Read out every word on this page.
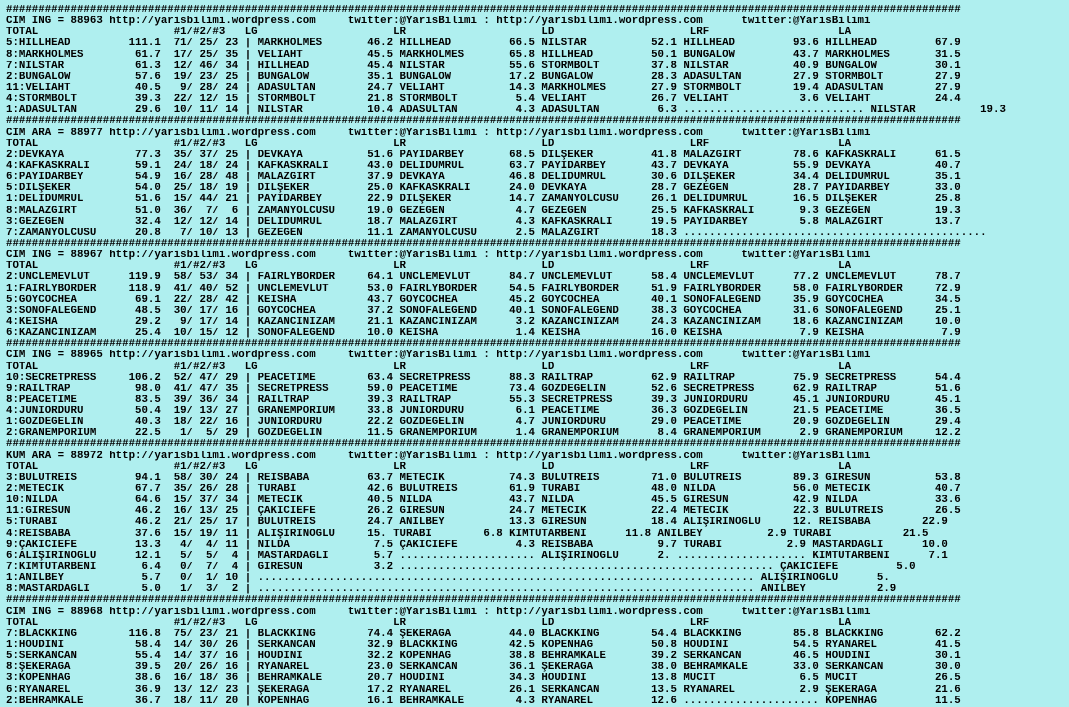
####################################################################################################################################################
CIM ING = 88963 http://yarisbilimi.wordpress.com     twitter:@YarisBilimi : http://yarisbilimi.wordpress.com      twitter:@YarisBilimi
TOTAL                     #1/#2/#3   LG                     LR                     LD                     LRF                    LA
5:HILLHEAD         111.1  71/ 25/ 23 | MARKHOLMES       46.2 HILLHEAD         66.5 NILSTAR          52.1 HILLHEAD         93.6 HILLHEAD         67.9
8:MARKHOLMES        61.7  17/ 25/ 35 | VELİAHT          45.5 MARKHOLMES       65.8 HILLHEAD         50.1 BUNGALOW         43.7 MARKHOLMES       31.5
7:NILSTAR           61.3  12/ 46/ 34 | HILLHEAD         45.4 NILSTAR          55.6 STORMBOLT        37.8 NILSTAR          40.9 BUNGALOW         30.1
2:BUNGALOW          57.6  19/ 23/ 25 | BUNGALOW         35.1 BUNGALOW         17.2 BUNGALOW         28.3 ADASULTAN        27.9 STORMBOLT        27.9
11:VELİAHT          40.5   9/ 28/ 24 | ADASULTAN        24.7 VELİAHT          14.3 MARKHOLMES       27.9 STORMBOLT        19.4 ADASULTAN        27.9
4:STORMBOLT         39.3  22/ 12/ 15 | STORMBOLT        21.8 STORMBOLT         5.4 VELİAHT          26.7 VELİAHT           3.6 VELİAHT          24.4
1:ADASULTAN         29.6  10/ 11/ 14 | NILSTAR          10.4 ADASULTAN         4.3 ADASULTAN         6.3 ............................ NILSTAR          19.3
####################################################################################################################################################
CIM ARA = 88977 http://yarisbilimi.wordpress.com     twitter:@YarisBilimi : http://yarisbilimi.wordpress.com      twitter:@YarisBilimi
TOTAL                     #1/#2/#3   LG                     LR                     LD                     LRF                    LA
2:DEVKAYA           77.3  35/ 37/ 25 | DEVKAYA          51.6 PAYİDARBEY       68.5 DİLŞEKER         41.8 MALAZGİRT        78.6 KAFKASKRALI      61.5
4:KAFKASKRALI       59.1  24/ 18/ 24 | KAFKASKRALI      43.0 DELİDUMRUL       63.7 PAYİDARBEY       43.7 DEVKAYA          55.9 DEVKAYA          40.7
6:PAYİDARBEY        54.9  16/ 28/ 48 | MALAZGİRT        37.9 DEVKAYA          46.8 DELİDUMRUL       30.6 DİLŞEKER         34.4 DELİDUMRUL       35.1
5:DİLŞEKER          54.0  25/ 18/ 19 | DİLŞEKER         25.0 KAFKASKRALI      24.0 DEVKAYA          28.7 GEZEGEN          28.7 PAYİDARBEY       33.0
1:DELİDUMRUL        51.6  15/ 44/ 21 | PAYİDARBEY       22.9 DİLŞEKER         14.7 ZAMANYOLCUSU     26.1 DELİDUMRUL       16.5 DİLŞEKER         25.8
8:MALAZGİRT         51.0  36/  7/  6 | ZAMANYOLCUSU     19.0 GEZEGEN           4.7 GEZEGEN          25.5 KAFKASKRALI       9.3 GEZEGEN          19.3
3:GEZEGEN           32.4  12/ 12/ 14 | DELİDUMRUL       18.7 MALAZGİRT         4.3 KAFKASKRALI      19.5 PAYİDARBEY        5.8 MALAZGİRT        13.7
7:ZAMANYOLCUSU      20.8   7/ 10/ 13 | GEZEGEN          11.1 ZAMANYOLCUSU      2.5 MALAZGİRT        18.3 ...............................................
####################################################################################################################################################
CIM ING = 88967 http://yarisbilimi.wordpress.com     twitter:@YarisBilimi : http://yarisbilimi.wordpress.com      twitter:@YarisBilimi
TOTAL                     #1/#2/#3   LG                     LR                     LD                     LRF                    LA
2:UNCLEMEVLÜT      119.9  58/ 53/ 34 | FAIRLYBORDER     64.1 UNCLEMEVLÜT      84.7 UNCLEMEVLÜT      58.4 UNCLEMEVLÜT      77.2 UNCLEMEVLÜT      78.7
1:FAIRLYBORDER     118.9  41/ 40/ 52 | UNCLEMEVLÜT      53.0 FAIRLYBORDER     54.5 FAIRLYBORDER     51.9 FAIRLYBORDER     58.0 FAIRLYBORDER     72.9
5:GOYCOCHEA         69.1  22/ 28/ 42 | KEISHA           43.7 GOYCOCHEA        45.2 GOYCOCHEA        40.1 SONOFALEGEND     35.9 GOYCOCHEA        34.5
3:SONOFALEGEND      48.5  30/ 17/ 16 | GOYCOCHEA        37.2 SONOFALEGEND     40.1 SONOFALEGEND     38.3 GOYCOCHEA        31.6 SONOFALEGEND     25.1
4:KEISHA            29.2   9/ 17/ 14 | KAZANCINIZAM     21.1 KAZANCINIZAM      3.2 KAZANCINIZAM     24.3 KAZANCINIZAM     18.6 KAZANCINIZAM     10.0
6:KAZANCINIZAM      25.4  10/ 15/ 12 | SONOFALEGEND     10.0 KEISHA            1.4 KEISHA           16.0 KEISHA            7.9 KEISHA            7.9
####################################################################################################################################################
CIM ING = 88965 http://yarisbilimi.wordpress.com     twitter:@YarisBilimi : http://yarisbilimi.wordpress.com      twitter:@YarisBilimi
TOTAL                     #1/#2/#3   LG                     LR                     LD                     LRF                    LA
10:SECRETPRESS     106.2  52/ 47/ 29 | PEACETIME        63.4 SECRETPRESS      88.3 RAILTRAP         62.9 RAILTRAP         75.9 SECRETPRESS      54.4
9:RAILTRAP          98.0  41/ 47/ 35 | SECRETPRESS      59.0 PEACETIME        73.4 GÖZDEGELİN       52.6 SECRETPRESS      62.9 RAILTRAP         51.6
8:PEACETIME         83.5  39/ 36/ 34 | RAILTRAP         39.3 RAILTRAP         55.3 SECRETPRESS      39.3 JUNIORDURU       45.1 JUNIORDURU       45.1
4:JUNIORDURU        50.4  19/ 13/ 27 | GRANEMPORIUM     33.8 JUNIORDURU        6.1 PEACETIME        36.3 GÖZDEGELİN       21.5 PEACETIME        36.5
1:GÖZDEGELİN        40.3  18/ 22/ 16 | JUNIORDURU       22.2 GÖZDEGELİN        4.7 JUNIORDURU       29.0 PEACETIME        20.9 GÖZDEGELİN       29.4
2:GRANEMPORIUM      22.5   1/  5/ 29 | GÖZDEGELİN       11.5 GRANEMPORIUM      1.4 GRANEMPORIUM      8.4 GRANEMPORIUM      2.9 GRANEMPORIUM     12.2
####################################################################################################################################################
KUM ARA = 88972 http://yarisbilimi.wordpress.com     twitter:@YarisBilimi : http://yarisbilimi.wordpress.com      twitter:@YarisBilimi
TOTAL                     #1/#2/#3   LG                     LR                     LD                     LRF                    LA
3:BULUTREİS         94.1  58/ 30/ 24 | REİSBABA         63.7 METECİK          74.3 BULUTREİS        71.0 BULUTREİS        89.3 GİRESUN          53.8
2:METECİK           67.7  35/ 26/ 28 | TURABİ           42.6 BULUTREİS        61.9 TURABİ           48.0 NİLDA            56.0 METECİK          40.7
10:NİLDA            64.6  15/ 37/ 34 | METECİK          40.5 NİLDA            43.7 NİLDA            45.5 GİRESUN          42.9 NİLDA            33.6
11:GİRESUN          46.2  16/ 13/ 25 | ÇAKICIEFE        26.2 GİRESUN          24.7 METECİK          22.4 METECİK          22.3 BULUTREİS        26.5
5:TURABİ            46.2  21/ 25/ 17 | BULUTREİS        24.7 ANILBEY          13.3 GİRESUN          18.4 ALIŞİRİNOĞLU     12. REİSBABA        22.9
4:REİSBABA          37.6  15/ 19/ 11 | ALIŞİRİNOĞLU     15. TURABİ        6.8 KIMTUTARBENİ      11.8 ANILBEY          2.9 TURABİ           21.5
9:ÇAKICIEFE         13.3   4/  4/ 11 | NİLDA             7.5 ÇAKICIEFE         4.3 REİSBABA          9.7 TURABİ          2.9 MASTARDAĞLI      10.0
6:ALIŞİRİNOĞLU      12.1   5/  5/  4 | MASTARDAĞLI       5.7 ..................... ALIŞİRİNOĞLU      2. .................... KIMTUTARBENİ      7.1
7:KIMTUTARBENİ       6.4   0/  7/  4 | GİRESUN           3.2 .......................................................... ÇAKICIEFE         5.0
1:ANILBEY            5.7   0/  1/ 10 | ............................................................................. ALIŞİRİNOĞLU      5.
8:MASTARDAĞLI        5.0   1/  3/  2 | ............................................................................. ANILBEY           2.9
####################################################################################################################################################
CIM ING = 88968 http://yarisbilimi.wordpress.com     twitter:@YarisBilimi : http://yarisbilimi.wordpress.com      twitter:@YarisBilimi
TOTAL                     #1/#2/#3   LG                     LR                     LD                     LRF                    LA
7:BLACKKING        116.8  75/ 23/ 21 | BLACKKING        74.4 ŞEKERAĞA         44.0 BLACKKING        54.4 BLACKKING        85.8 BLACKKING        62.2
1:HOUDINI           58.4  14/ 30/ 26 | SERKANCAN        32.9 BLACKKING        42.5 KOPENHAG         50.8 HOUDINI          54.5 RYANAREL         41.5
5:SERKANCAN         55.4  14/ 37/ 16 | HOUDINI          32.2 KOPENHAG         38.8 BEHRAMKALE       39.2 SERKANCAN        46.5 HOUDINI          30.1
8:ŞEKERAĞA          39.5  20/ 26/ 16 | RYANAREL         23.0 SERKANCAN        36.1 ŞEKERAĞA         38.0 BEHRAMKALE       33.0 SERKANCAN        30.0
3:KOPENHAG          38.6  16/ 18/ 36 | BEHRAMKALE       20.7 HOUDINI          34.3 HOUDINI          13.8 MUCİT             6.5 MUCİT            26.5
6:RYANAREL          36.9  13/ 12/ 23 | ŞEKERAĞA         17.2 RYANAREL         26.1 SERKANCAN        13.5 RYANAREL          2.9 ŞEKERAĞA         21.6
2:BEHRAMKALE        36.7  18/ 11/ 20 | KOPENHAG         16.1 BEHRAMKALE        4.3 RYANAREL         12.6 ..................... KOPENHAG         11.5
